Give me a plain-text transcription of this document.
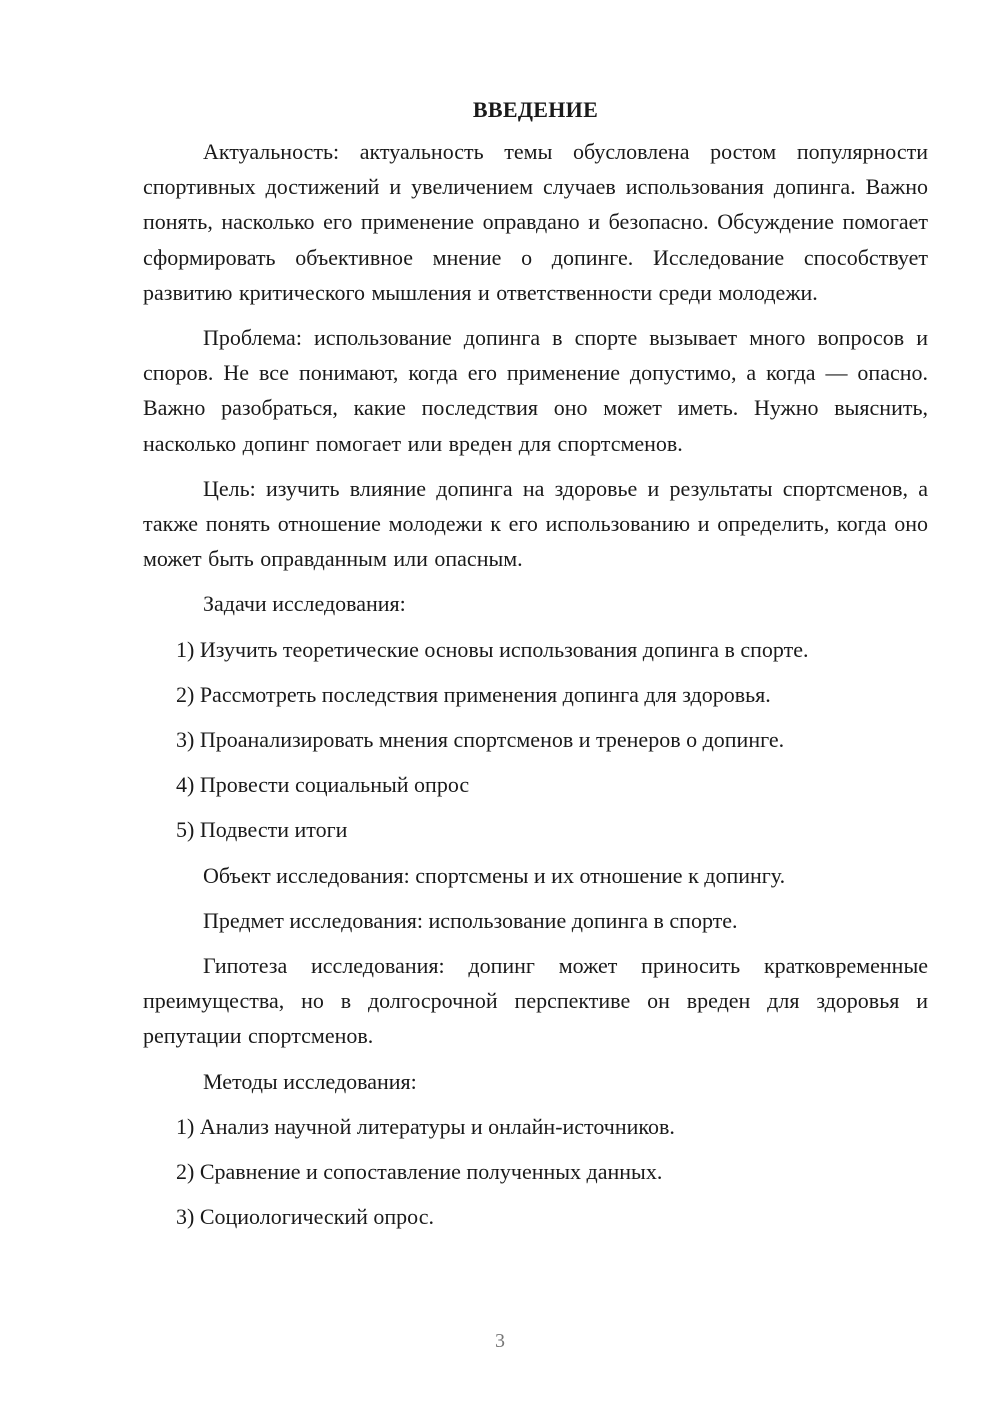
ВВЕДЕНИЕ

Актуальность: актуальность темы обусловлена ростом популярности спортивных достижений и увеличением случаев использования допинга. Важно понять, насколько его применение оправдано и безопасно. Обсуждение помогает сформировать объективное мнение о допинге. Исследование способствует развитию критического мышления и ответственности среди молодежи.

Проблема: использование допинга в спорте вызывает много вопросов и споров. Не все понимают, когда его применение допустимо, а когда — опасно. Важно разобраться, какие последствия оно может иметь. Нужно выяснить, насколько допинг помогает или вреден для спортсменов.

Цель: изучить влияние допинга на здоровье и результаты спортсменов, а также понять отношение молодежи к его использованию и определить, когда оно может быть оправданным или опасным.

Задачи исследования:
1) Изучить теоретические основы использования допинга в спорте.
2) Рассмотреть последствия применения допинга для здоровья.
3) Проанализировать мнения спортсменов и тренеров о допинге.
4) Провести социальный опрос
5) Подвести итоги
Объект исследования: спортсмены и их отношение к допингу.
Предмет исследования: использование допинга в спорте.

Гипотеза исследования: допинг может приносить кратковременные преимущества, но в долгосрочной перспективе он вреден для здоровья и репутации спортсменов.

Методы исследования:
1) Анализ научной литературы и онлайн-источников.
2) Сравнение и сопоставление полученных данных.
3) Социологический опрос.
3
